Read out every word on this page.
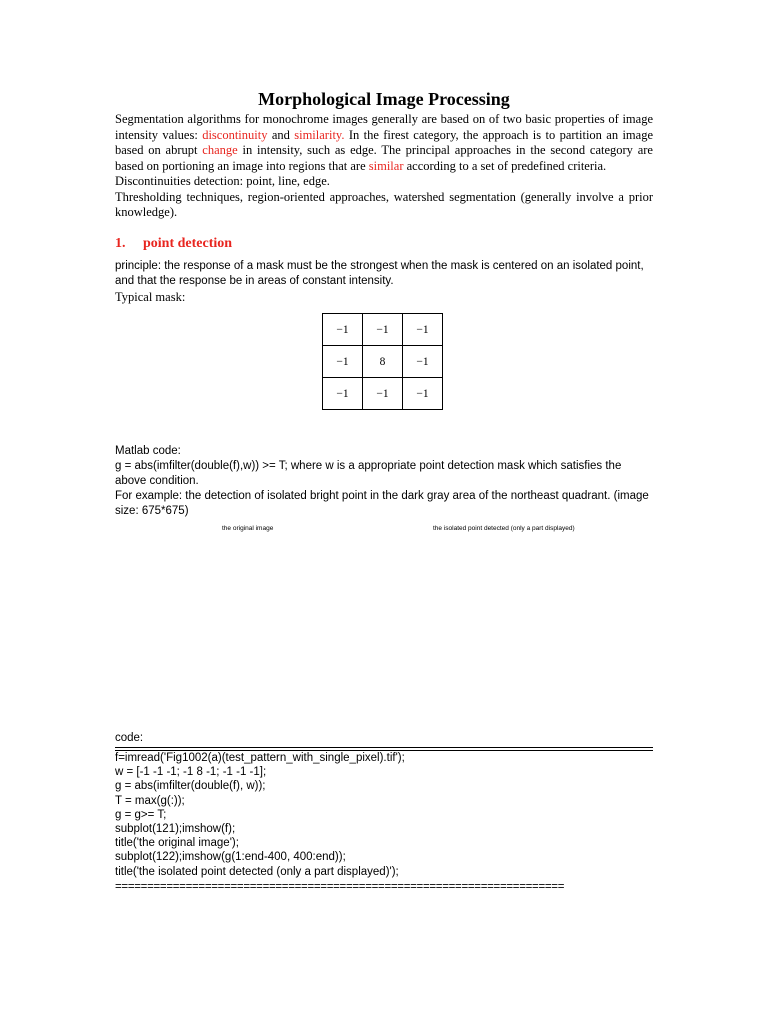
Morphological Image Processing

Segmentation algorithms for monochrome images generally are based on of two basic properties of image intensity values: discontinuity and similarity. In the firest category, the approach is to partition an image based on abrupt change in intensity, such as edge. The principal approaches in the second category are based on portioning an image into regions that are similar according to a set of predefined criteria.

Discontinuities detection: point, line, edge.

Thresholding techniques, region-oriented approaches, watershed segmentation (generally involve a prior knowledge).

1. point detection

principle: the response of a mask must be the strongest when the mask is centered on an isolated point, and that the response be in areas of constant intensity.

Typical mask:

−1	−1	−1
−1	8	−1
−1	−1	−1

Matlab code:

g = abs(imfilter(double(f),w)) >= T; where w is a appropriate point detection mask which satisfies the above condition.

For example: the detection of isolated bright point in the dark gray area of the northeast quadrant. (image size: 675*675)

the original image	the isolated point detected (only a part displayed)

code:

f=imread('Fig1002(a)(test_pattern_with_single_pixel).tif');
w = [-1 -1 -1; -1 8 -1; -1 -1 -1];
g = abs(imfilter(double(f), w));
T = max(g(:));
g = g>= T;
subplot(121);imshow(f);
title('the original image');
subplot(122);imshow(g(1:end-400, 400:end));
title('the isolated point detected (only a part displayed)');

======================================================================
